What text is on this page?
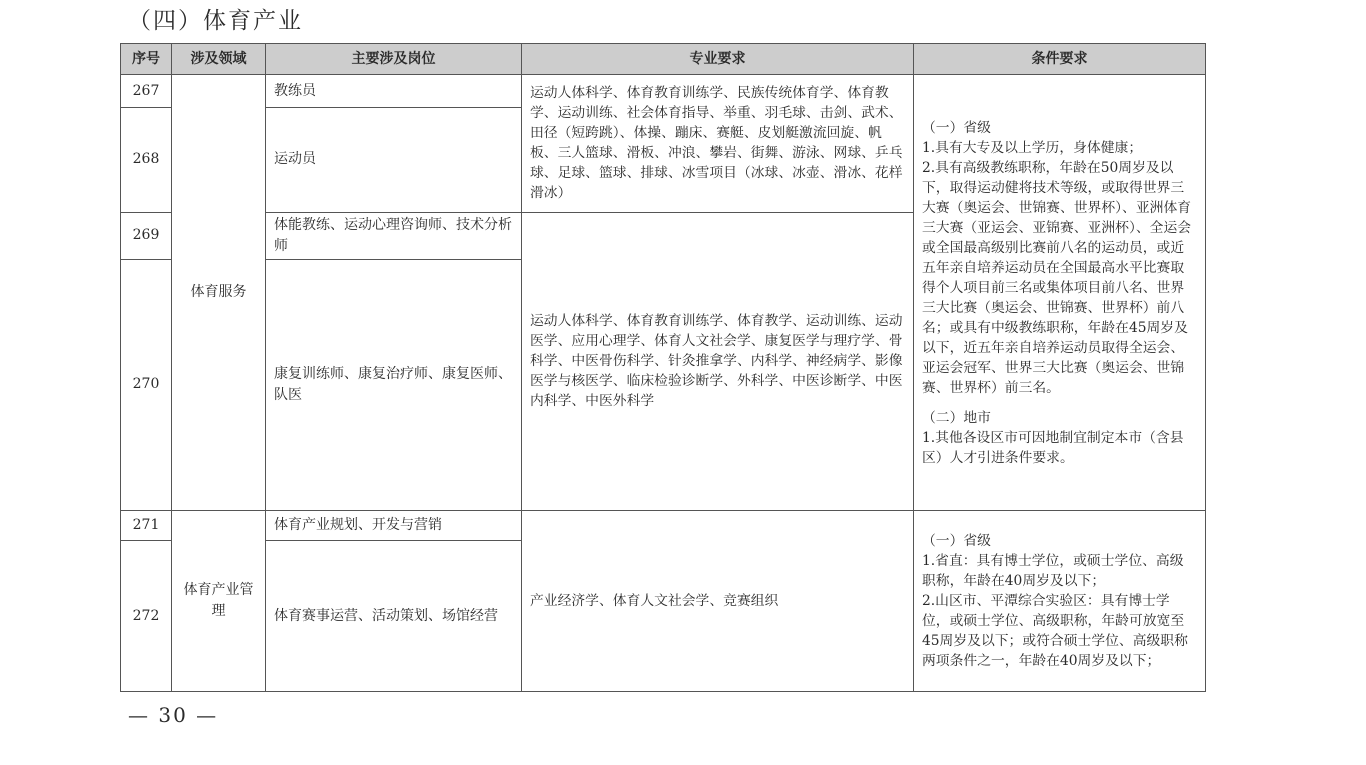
（四）体育产业
序号	涉及领域	主要涉及岗位	专业要求	条件要求
267	体育服务	教练员	运动人体科学、体育教育训练学、民族传统体育学、体育教学、运动训练、社会体育指导、举重、羽毛球、击剑、武术、田径（短跨跳）、体操、蹦床、赛艇、皮划艇激流回旋、帆板、三人篮球、滑板、冲浪、攀岩、街舞、游泳、网球、乒乓球、足球、篮球、排球、冰雪项目（冰球、冰壶、滑冰、花样滑冰）	（一）省级
1.具有大专及以上学历，身体健康；
2.具有高级教练职称，年龄在50周岁及以下，取得运动健将技术等级，或取得世界三大赛（奥运会、世锦赛、世界杯）、亚洲体育三大赛（亚运会、亚锦赛、亚洲杯）、全运会或全国最高级别比赛前八名的运动员，或近五年亲自培养运动员在全国最高水平比赛取得个人项目前三名或集体项目前八名、世界三大比赛（奥运会、世锦赛、世界杯）前八名；或具有中级教练职称，年龄在45周岁及以下，近五年亲自培养运动员取得全运会、亚运会冠军、世界三大比赛（奥运会、世锦赛、世界杯）前三名。
（二）地市
1.其他各设区市可因地制宜制定本市（含县区）人才引进条件要求。

268		运动员		
269		体能教练、运动心理咨询师、技术分析师	运动人体科学、体育教育训练学、体育教学、运动训练、运动医学、应用心理学、体育人文社会学、康复医学与理疗学、骨科学、中医骨伤科学、针灸推拿学、内科学、神经病学、影像医学与核医学、临床检验诊断学、外科学、中医诊断学、中医内科学、中医外科学	
270		康复训练师、康复治疗师、康复医师、队医		
271	体育产业管理	体育产业规划、开发与营销	产业经济学、体育人文社会学、竞赛组织	（一）省级
1.省直：具有博士学位，或硕士学位、高级职称，年龄在40周岁及以下；
2.山区市、平潭综合实验区：具有博士学位，或硕士学位、高级职称，年龄可放宽至45周岁及以下；或符合硕士学位、高级职称两项条件之一，年龄在40周岁及以下；

272		体育赛事运营、活动策划、场馆经营		
— 30 —
